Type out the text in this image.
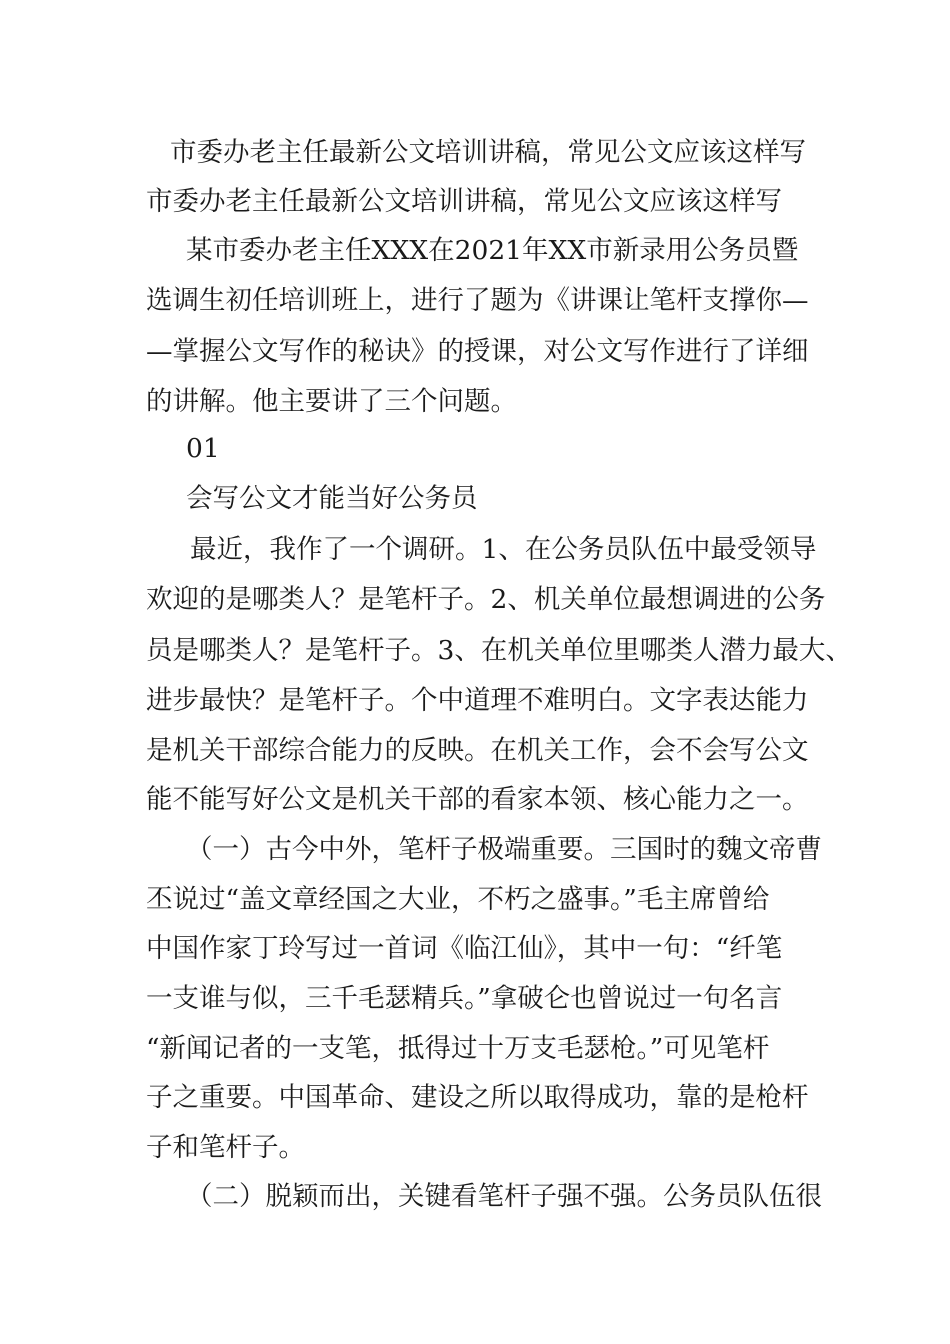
市委办老主任最新公文培训讲稿，常见公文应该这样写
市委办老主任最新公文培训讲稿，常见公文应该这样写
某市委办老主任XXX在2021年XX市新录用公务员暨
选调生初任培训班上，进行了题为《讲课让笔杆支撑你—
—掌握公文写作的秘诀》的授课，对公文写作进行了详细
的讲解。他主要讲了三个问题。
01
会写公文才能当好公务员
最近，我作了一个调研。1、在公务员队伍中最受领导
欢迎的是哪类人？是笔杆子。2、机关单位最想调进的公务
员是哪类人？是笔杆子。3、在机关单位里哪类人潜力最大、
进步最快？是笔杆子。个中道理不难明白。文字表达能力
是机关干部综合能力的反映。在机关工作，会不会写公文
能不能写好公文是机关干部的看家本领、核心能力之一。
（一）古今中外，笔杆子极端重要。三国时的魏文帝曹
丕说过“盖文章经国之大业，不朽之盛事。”毛主席曾给
中国作家丁玲写过一首词《临江仙》，其中一句：“纤笔
一支谁与似，三千毛瑟精兵。”拿破仑也曾说过一句名言
“新闻记者的一支笔，抵得过十万支毛瑟枪。”可见笔杆
子之重要。中国革命、建设之所以取得成功，靠的是枪杆
子和笔杆子。
（二）脱颖而出，关键看笔杆子强不强。公务员队伍很
